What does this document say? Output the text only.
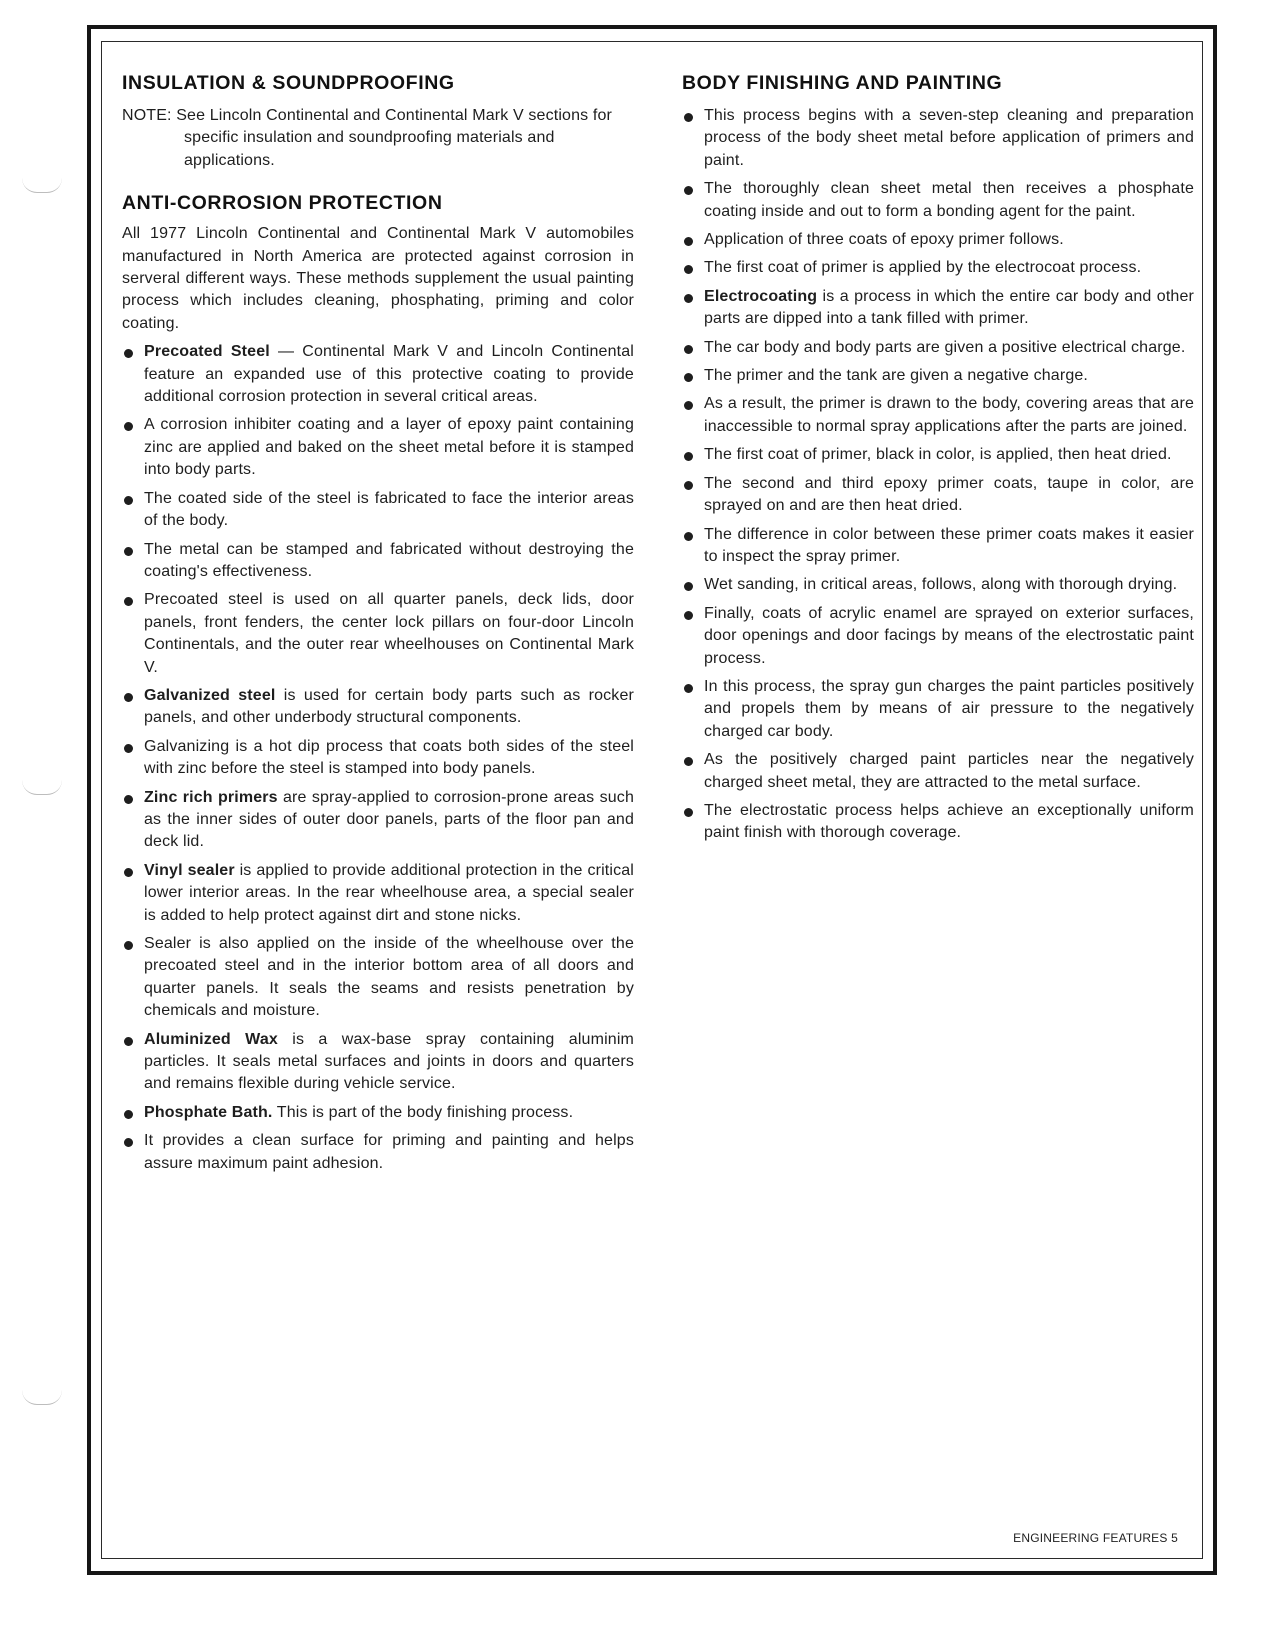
INSULATION & SOUNDPROOFING

NOTE: See Lincoln Continental and Continental Mark V sections for specific insulation and soundproofing materials and applications.

ANTI-CORROSION PROTECTION

All 1977 Lincoln Continental and Continental Mark V automobiles manufactured in North America are protected against corrosion in serveral different ways. These methods supplement the usual painting process which includes cleaning, phosphating, priming and color coating.

Precoated Steel — Continental Mark V and Lincoln Continental feature an expanded use of this protective coating to provide additional corrosion protection in several critical areas.
A corrosion inhibiter coating and a layer of epoxy paint containing zinc are applied and baked on the sheet metal before it is stamped into body parts.
The coated side of the steel is fabricated to face the interior areas of the body.
The metal can be stamped and fabricated without destroying the coating's effectiveness.
Precoated steel is used on all quarter panels, deck lids, door panels, front fenders, the center lock pillars on four-door Lincoln Continentals, and the outer rear wheelhouses on Continental Mark V.
Galvanized steel is used for certain body parts such as rocker panels, and other underbody structural components.
Galvanizing is a hot dip process that coats both sides of the steel with zinc before the steel is stamped into body panels.
Zinc rich primers are spray-applied to corrosion-prone areas such as the inner sides of outer door panels, parts of the floor pan and deck lid.
Vinyl sealer is applied to provide additional protection in the critical lower interior areas. In the rear wheelhouse area, a special sealer is added to help protect against dirt and stone nicks.
Sealer is also applied on the inside of the wheelhouse over the precoated steel and in the interior bottom area of all doors and quarter panels. It seals the seams and resists penetration by chemicals and moisture.
Aluminized Wax is a wax-base spray containing aluminim particles. It seals metal surfaces and joints in doors and quarters and remains flexible during vehicle service.
Phosphate Bath. This is part of the body finishing process.
It provides a clean surface for priming and painting and helps assure maximum paint adhesion.
BODY FINISHING AND PAINTING
This process begins with a seven-step cleaning and preparation process of the body sheet metal before application of primers and paint.
The thoroughly clean sheet metal then receives a phosphate coating inside and out to form a bonding agent for the paint.
Application of three coats of epoxy primer follows.
The first coat of primer is applied by the electrocoat process.
Electrocoating is a process in which the entire car body and other parts are dipped into a tank filled with primer.
The car body and body parts are given a positive electrical charge.
The primer and the tank are given a negative charge.
As a result, the primer is drawn to the body, covering areas that are inaccessible to normal spray applications after the parts are joined.
The first coat of primer, black in color, is applied, then heat dried.
The second and third epoxy primer coats, taupe in color, are sprayed on and are then heat dried.
The difference in color between these primer coats makes it easier to inspect the spray primer.
Wet sanding, in critical areas, follows, along with thorough drying.
Finally, coats of acrylic enamel are sprayed on exterior surfaces, door openings and door facings by means of the electrostatic paint process.
In this process, the spray gun charges the paint particles positively and propels them by means of air pressure to the negatively charged car body.
As the positively charged paint particles near the negatively charged sheet metal, they are attracted to the metal surface.
The electrostatic process helps achieve an exceptionally uniform paint finish with thorough coverage.
ENGINEERING FEATURES 5
